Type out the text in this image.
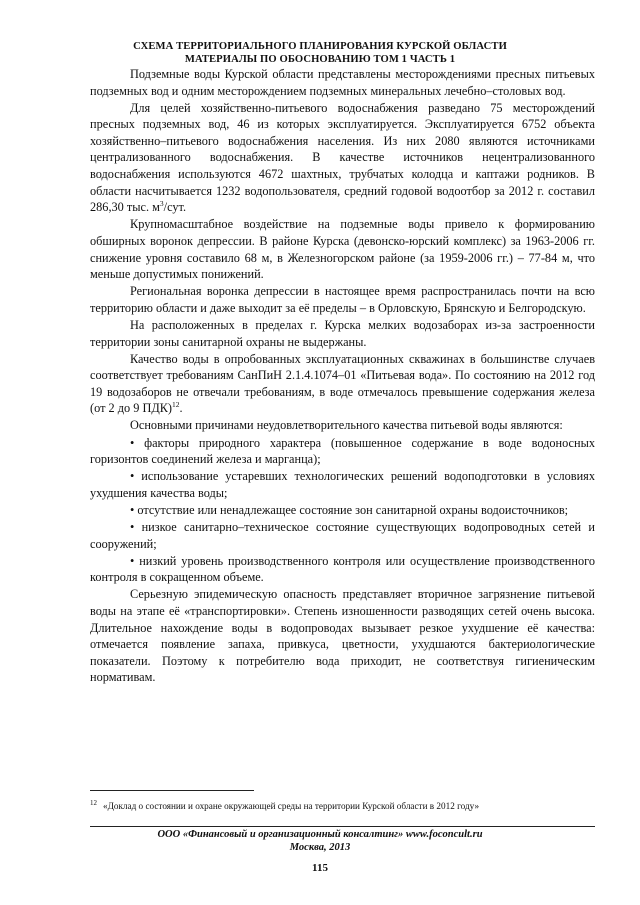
СХЕМА ТЕРРИТОРИАЛЬНОГО ПЛАНИРОВАНИЯ КУРСКОЙ ОБЛАСТИ
МАТЕРИАЛЫ ПО ОБОСНОВАНИЮ ТОМ 1 ЧАСТЬ 1

Подземные воды Курской области представлены месторождениями пресных питьевых подземных вод и одним месторождением подземных минеральных лечебно–столовых вод.

Для целей хозяйственно-питьевого водоснабжения разведано 75 месторождений пресных подземных вод, 46 из которых эксплуатируется. Эксплуатируется 6752 объекта хозяйственно–питьевого водоснабжения населения. Из них 2080 являются источниками централизованного водоснабжения. В качестве источников нецентрализованного водоснабжения используются 4672 шахтных, трубчатых колодца и каптажи родников. В области насчитывается 1232 водопользователя, средний годовой водоотбор за 2012 г. составил 286,30 тыс. $м^3$/сут.

Крупномасштабное воздействие на подземные воды привело к формированию обширных воронок депрессии. В районе Курска (девонско-юрский комплекс) за 1963-2006 гг. снижение уровня составило 68 м, в Железногорском районе (за 1959-2006 гг.) – 77-84 м, что меньше допустимых понижений.

Региональная воронка депрессии в настоящее время распространилась почти на всю территорию области и даже выходит за её пределы – в Орловскую, Брянскую и Белгородскую.

На расположенных в пределах г. Курска мелких водозаборах из-за застроенности территории зоны санитарной охраны не выдержаны.

Качество воды в опробованных эксплуатационных скважинах в большинстве случаев соответствует требованиям СанПиН 2.1.4.1074–01 «Питьевая вода». По состоянию на 2012 год 19 водозаборов не отвечали требованиям, в воде отмечалось превышение содержания железа (от 2 до 9 ПДК)$^{12}$.

Основными причинами неудовлетворительного качества питьевой воды являются:

• факторы природного характера (повышенное содержание в водe водоносных горизонтов соединений железа и марганца);

• использование устаревших технологических решений водоподготовки в условиях ухудшения качества воды;

• отсутствие или ненадлежащее состояние зон санитарной охраны водоисточников;

• низкое санитарно–техническое состояние существующих водопроводных сетей и сооружений;

• низкий уровень производственного контроля или осуществление производственного контроля в сокращенном объеме.

Серьезную эпидемическую опасность представляет вторичное загрязнение питьевой воды на этапе её «транспортировки». Степень изношенности разводящих сетей очень высока. Длительное нахождение воды в водопроводах вызывает резкое ухудшение её качества: отмечается появление запаха, привкуса, цветности, ухудшаются бактериологические показатели. Поэтому к потребителю вода приходит, не соответствуя гигиеническим нормативам.

$^{12}$ «Доклад о состоянии и охране окружающей среды на территории Курской области в 2012 году»
ООО «Финансовый и организационный консалтинг» www.foconcult.ru
Москва, 2013
115
